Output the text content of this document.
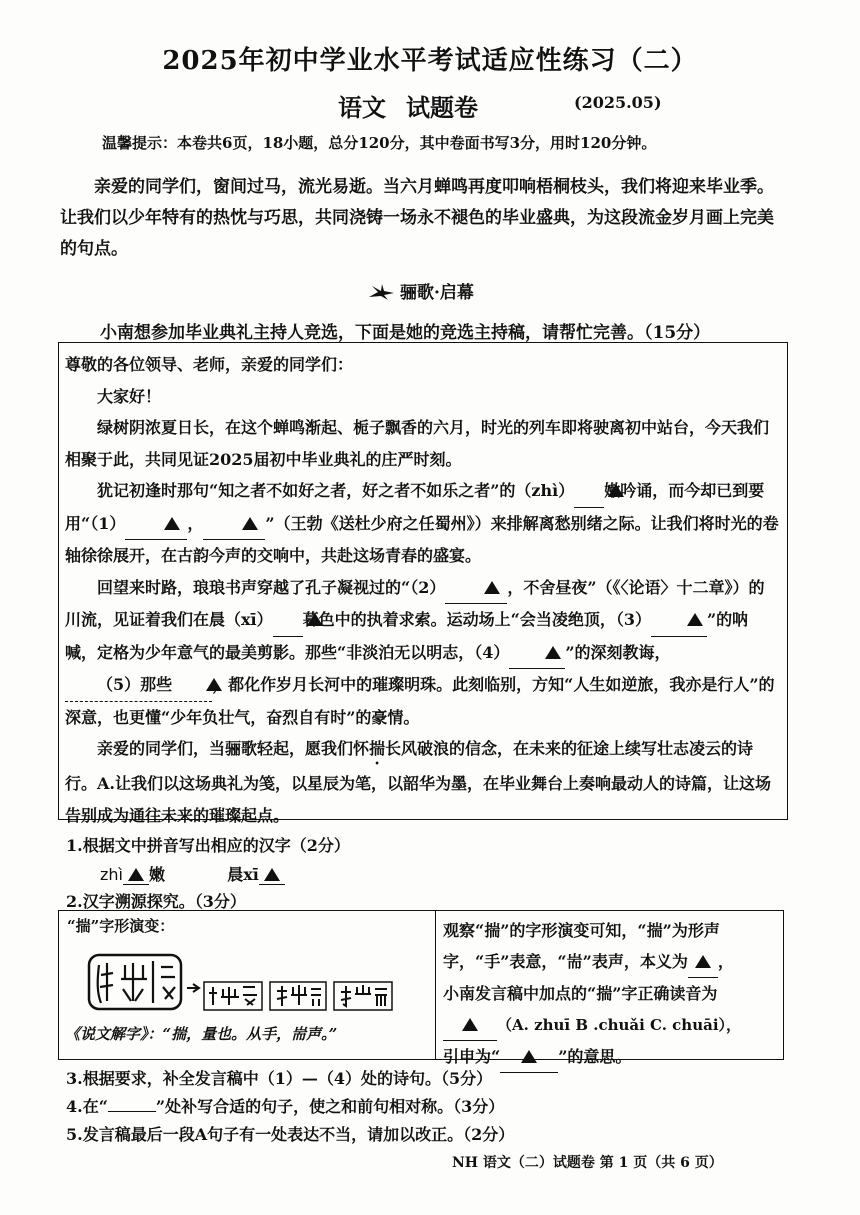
2025年初中学业水平考试适应性练习（二）
语文 试题卷	(2025.05)
温馨提示：本卷共6页，18小题，总分120分，其中卷面书写3分，用时120分钟。

亲爱的同学们，窗间过马，流光易逝。当六月蝉鸣再度叩响梧桐枝头，我们将迎来毕业季。让我们以少年特有的热忱与巧思，共同浇铸一场永不褪色的毕业盛典，为这段流金岁月画上完美的句点。

骊歌·启幕
小南想参加毕业典礼主持人竞选，下面是她的竞选主持稿，请帮忙完善。（15分）
尊敬的各位领导、老师，亲爱的同学们：
大家好！
绿树阴浓夏日长，在这个蝉鸣渐起、栀子飘香的六月，时光的列车即将驶离初中站台，今天我们相聚于此，共同见证2025届初中毕业典礼的庄严时刻。
犹记初逢时那句“知之者不如好之者，好之者不如乐之者”的（zhì） 嫩吟诵，而今却已到要用“（1）	，	”（王勃《送杜少府之任蜀州》）来排解离愁别绪之际。让我们将时光的卷轴徐徐展开，在古韵今声的交响中，共赴这场青春的盛宴。
回望来时路，琅琅书声穿越了孔子凝视过的“（2）	，不舍昼夜”（《〈论语〉十二章》）的川流，见证着我们在晨（xī） 暮色中的执着求索。运动场上“会当凌绝顶，（3）	”的呐喊，定格为少年意气的最美剪影。那些“非淡泊无以明志，（4）	”的深刻教诲，（5）那些	，都化作岁月长河中的璀璨明珠。此刻临别，方知“人生如逆旅，我亦是行人”的深意，也更懂“少年负壮气，奋烈自有时”的豪情。
亲爱的同学们，当骊歌轻起，愿我们怀揣长风破浪的信念，在未来的征途上续写壮志凌云的诗行。A.让我们以这场典礼为笺，以星辰为笔，以韶华为墨，在毕业舞台上奏响最动人的诗篇，让这场告别成为通往未来的璀璨起点。
1.根据文中拼音写出相应的汉字（2分）
zhì 嫩	晨xī
2.汉字溯源探究。（3分）
“揣”字形演变：
《说文解字》：“揣，量也。从手，耑声。”
观察“揣”的字形演变可知，“揣”为形声字，“手”表意，“耑”表声，本义为 ，
小南发言稿中加点的“揣”字正确读音为
（A. zhuī B .chuǎi C. chuāi），
引申为“	”的意思。
3.根据要求，补全发言稿中（1）—（4）处的诗句。（5分）
4.在“	”处补写合适的句子，使之和前句相对称。（3分）
5.发言稿最后一段A句子有一处表达不当，请加以改正。（2分）
NH 语文（二）试题卷 第 1 页（共 6 页）
